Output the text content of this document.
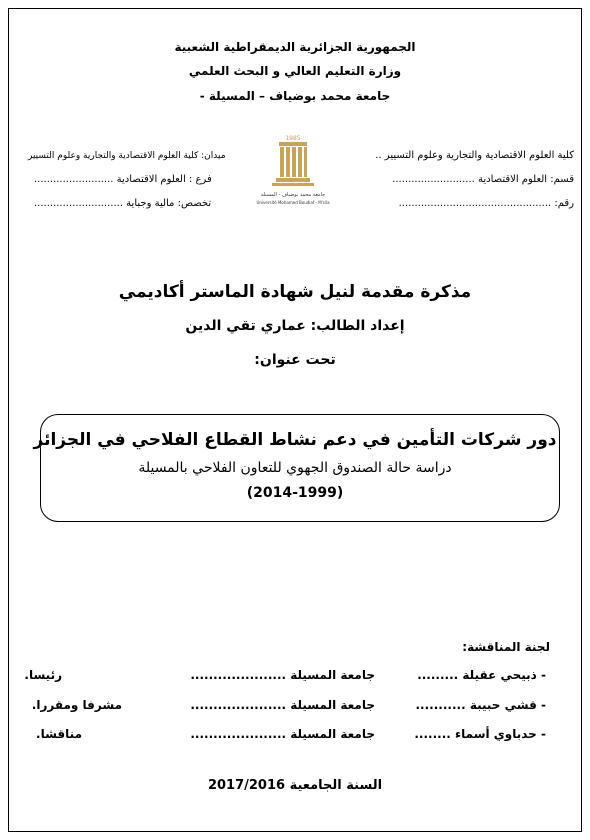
الجمهورية الجزائرية الديمقراطية الشعبية
وزارة التعليم العالي و البحث العلمي
جامعة محمد بوضياف – المسيلة -
كلية العلوم الاقتصادية والتجارية وعلوم التسيير ..
قسم: العلوم الاقتصادية ..........................
رقم: ................................................
ميدان: كلية العلوم الاقتصادية والتجارية وعلوم التسيير
فرع : العلوم الاقتصادية .........................
تخصص: مالية وجباية ............................
1985
جامعة محمد بوضياف - المسيلة
Université Mohamed Boudiaf - M'sila
مذكرة مقدمة لنيل شهادة الماستر أكاديمي
إعداد الطالب: عماري تقي الدين
تحت عنوان:
دور شركات التأمين في دعم نشاط القطاع الفلاحي في الجزائر
دراسة حالة الصندوق الجهوي للتعاون الفلاحي بالمسيلة
(2014-1999)
لجنة المناقشة:
- ذبيحي عقيلة .........
جامعة المسيلة .....................
رئيسا.
- قشي حبيبة ...........
جامعة المسيلة .....................
مشرفا ومقررا.
- حدباوي أسماء ........
جامعة المسيلة .....................
مناقشا.
السنة الجامعية 2017/2016
